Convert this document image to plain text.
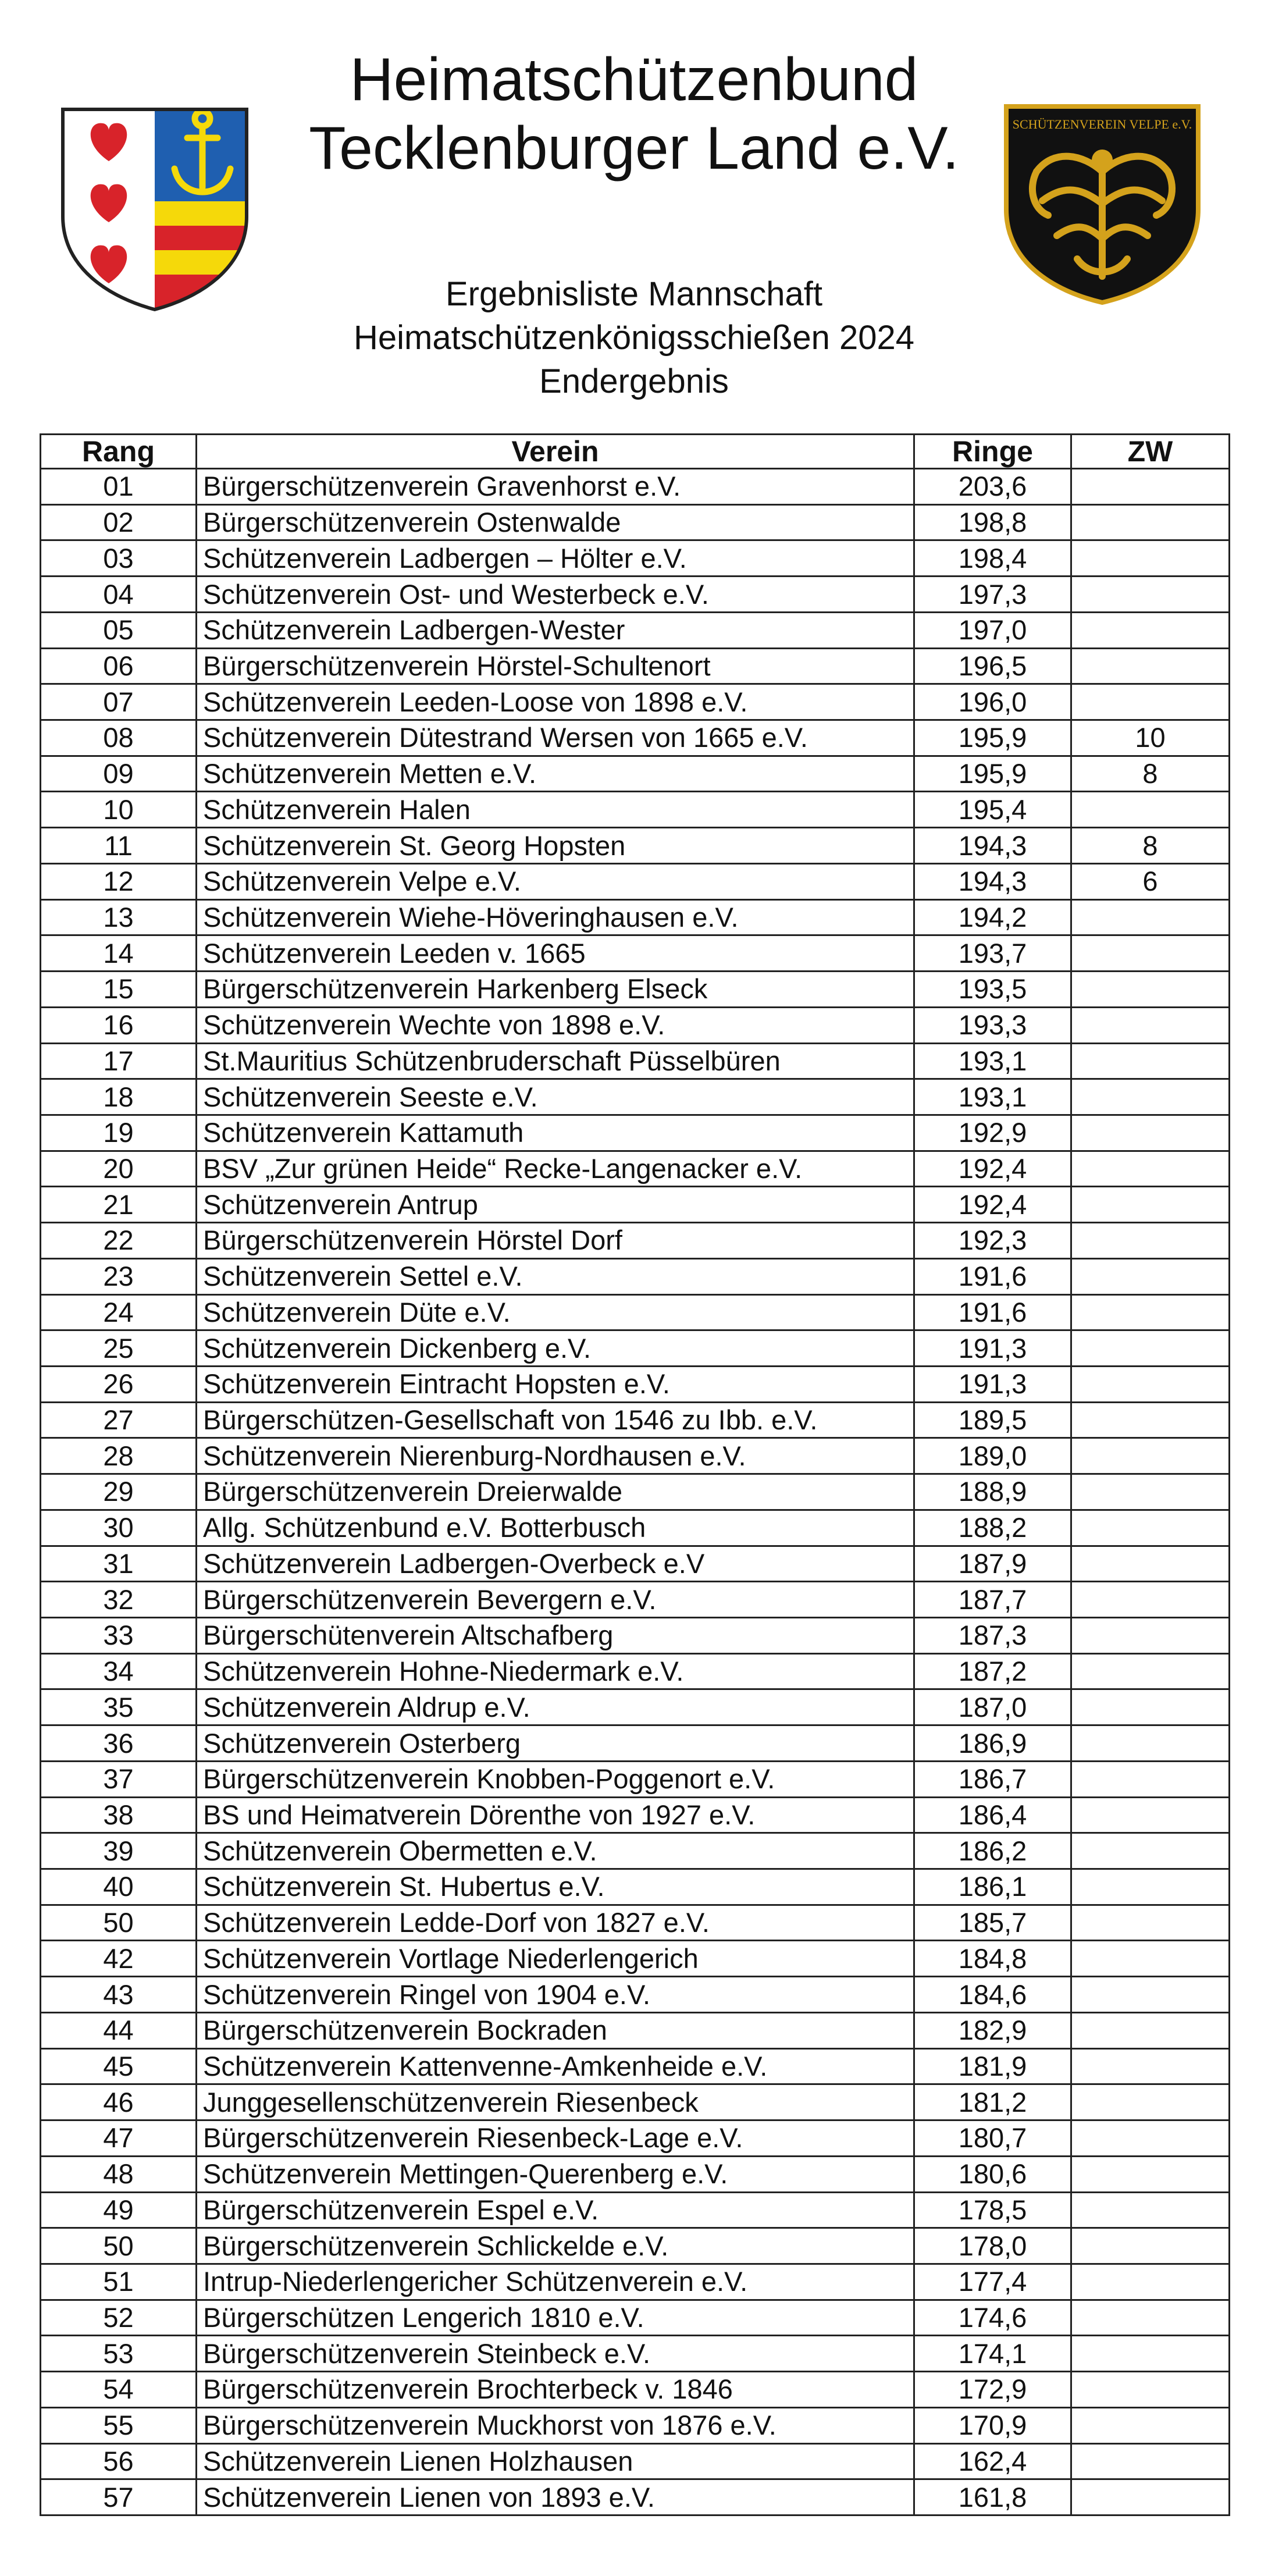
Heimatschützenbund
Tecklenburger Land e.V.	SCHÜTZENVEREIN VELPE e.V.
Ergebnisliste Mannschaft
Heimatschützenkönigsschießen 2024
Endergebnis
Rang	Verein	Ringe	ZW
01	Bürgerschützenverein Gravenhorst e.V.	203,6	
02	Bürgerschützenverein Ostenwalde	198,8	
03	Schützenverein Ladbergen – Hölter e.V.	198,4	
04	Schützenverein Ost- und Westerbeck e.V.	197,3	
05	Schützenverein Ladbergen-Wester	197,0	
06	Bürgerschützenverein Hörstel-Schultenort	196,5	
07	Schützenverein Leeden-Loose von 1898 e.V.	196,0	
08	Schützenverein Dütestrand Wersen von 1665 e.V.	195,9	10
09	Schützenverein Metten e.V.	195,9	8
10	Schützenverein Halen	195,4	
11	Schützenverein St. Georg Hopsten	194,3	8
12	Schützenverein Velpe e.V.	194,3	6
13	Schützenverein Wiehe-Höveringhausen e.V.	194,2	
14	Schützenverein Leeden v. 1665	193,7	
15	Bürgerschützenverein Harkenberg Elseck	193,5	
16	Schützenverein Wechte von 1898 e.V.	193,3	
17	St.Mauritius Schützenbruderschaft Püsselbüren	193,1	
18	Schützenverein Seeste e.V.	193,1	
19	Schützenverein Kattamuth	192,9	
20	BSV „Zur grünen Heide“ Recke-Langenacker e.V.	192,4	
21	Schützenverein Antrup	192,4	
22	Bürgerschützenverein Hörstel Dorf	192,3	
23	Schützenverein Settel e.V.	191,6	
24	Schützenverein Düte e.V.	191,6	
25	Schützenverein Dickenberg e.V.	191,3	
26	Schützenverein Eintracht Hopsten e.V.	191,3	
27	Bürgerschützen-Gesellschaft von 1546 zu Ibb. e.V.	189,5	
28	Schützenverein Nierenburg-Nordhausen e.V.	189,0	
29	Bürgerschützenverein Dreierwalde	188,9	
30	Allg. Schützenbund e.V. Botterbusch	188,2	
31	Schützenverein Ladbergen-Overbeck e.V	187,9	
32	Bürgerschützenverein Bevergern e.V.	187,7	
33	Bürgerschütenverein Altschafberg	187,3	
34	Schützenverein Hohne-Niedermark e.V.	187,2	
35	Schützenverein Aldrup e.V.	187,0	
36	Schützenverein Osterberg	186,9	
37	Bürgerschützenverein Knobben-Poggenort e.V.	186,7	
38	BS und Heimatverein Dörenthe von 1927 e.V.	186,4	
39	Schützenverein Obermetten e.V.	186,2	
40	Schützenverein St. Hubertus e.V.	186,1	
50	Schützenverein Ledde-Dorf von 1827 e.V.	185,7	
42	Schützenverein Vortlage Niederlengerich	184,8	
43	Schützenverein Ringel von 1904 e.V.	184,6	
44	Bürgerschützenverein Bockraden	182,9	
45	Schützenverein Kattenvenne-Amkenheide e.V.	181,9	
46	Junggesellenschützenverein Riesenbeck	181,2	
47	Bürgerschützenverein Riesenbeck-Lage e.V.	180,7	
48	Schützenverein Mettingen-Querenberg e.V.	180,6	
49	Bürgerschützenverein Espel e.V.	178,5	
50	Bürgerschützenverein Schlickelde e.V.	178,0	
51	Intrup-Niederlengericher Schützenverein e.V.	177,4	
52	Bürgerschützen Lengerich 1810 e.V.	174,6	
53	Bürgerschützenverein Steinbeck e.V.	174,1	
54	Bürgerschützenverein Brochterbeck v. 1846	172,9	
55	Bürgerschützenverein Muckhorst von 1876 e.V.	170,9	
56	Schützenverein Lienen Holzhausen	162,4	
57	Schützenverein Lienen von 1893 e.V.	161,8	
